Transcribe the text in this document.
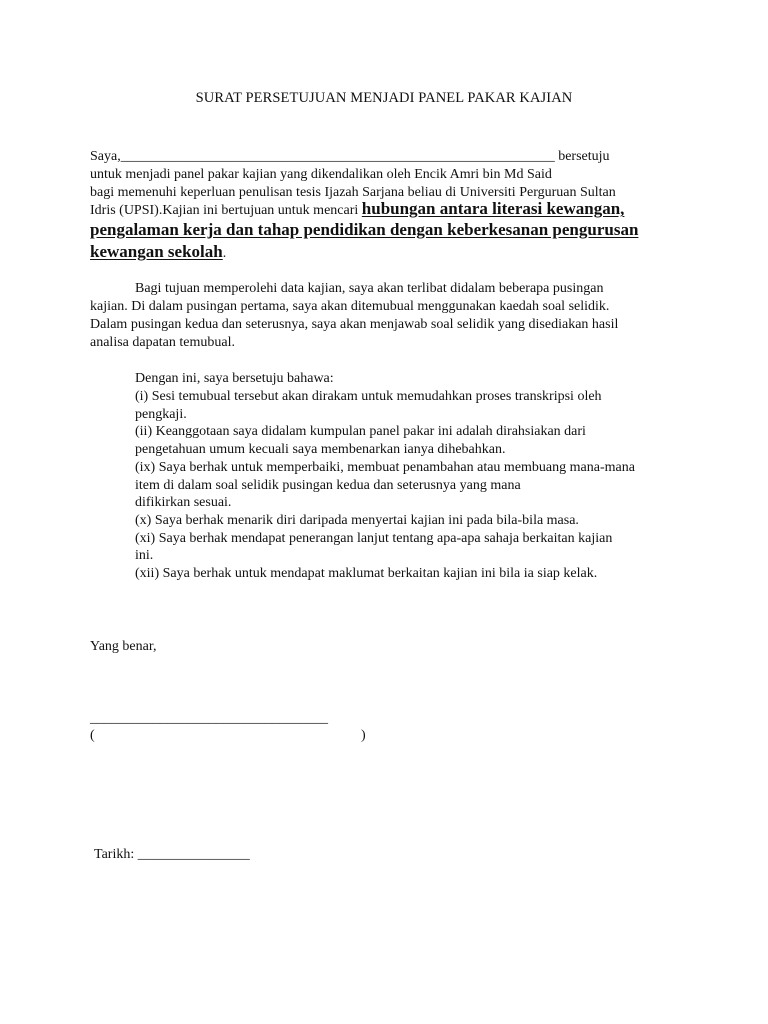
SURAT PERSETUJUAN MENJADI PANEL PAKAR KAJIAN
Saya,______________________________________________________________ bersetuju
untuk menjadi panel pakar kajian yang dikendalikan oleh Encik Amri bin Md Said
bagi memenuhi keperluan penulisan tesis Ijazah Sarjana beliau di Universiti Perguruan Sultan
Idris (UPSI).Kajian ini bertujuan untuk mencari hubungan antara literasi kewangan,
pengalaman kerja dan tahap pendidikan dengan keberkesanan pengurusan
kewangan sekolah.
Bagi tujuan memperolehi data kajian, saya akan terlibat didalam beberapa pusingan
kajian. Di dalam pusingan pertama, saya akan ditemubual menggunakan kaedah soal selidik.
Dalam pusingan kedua dan seterusnya, saya akan menjawab soal selidik yang disediakan hasil
analisa dapatan temubual.
Dengan ini, saya bersetuju bahawa:
(i) Sesi temubual tersebut akan dirakam untuk memudahkan proses transkripsi oleh
pengkaji.
(ii) Keanggotaan saya didalam kumpulan panel pakar ini adalah dirahsiakan dari
pengetahuan umum kecuali saya membenarkan ianya dihebahkan.
(ix) Saya berhak untuk memperbaiki, membuat penambahan atau membuang mana-mana
item di dalam soal selidik pusingan kedua dan seterusnya yang mana
difikirkan sesuai.
(x) Saya berhak menarik diri daripada menyertai kajian ini pada bila-bila masa.
(xi) Saya berhak mendapat penerangan lanjut tentang apa-apa sahaja berkaitan kajian
ini.
(xii) Saya berhak untuk mendapat maklumat berkaitan kajian ini bila ia siap kelak.
Yang benar,
__________________________________
(	)
Tarikh: ________________
